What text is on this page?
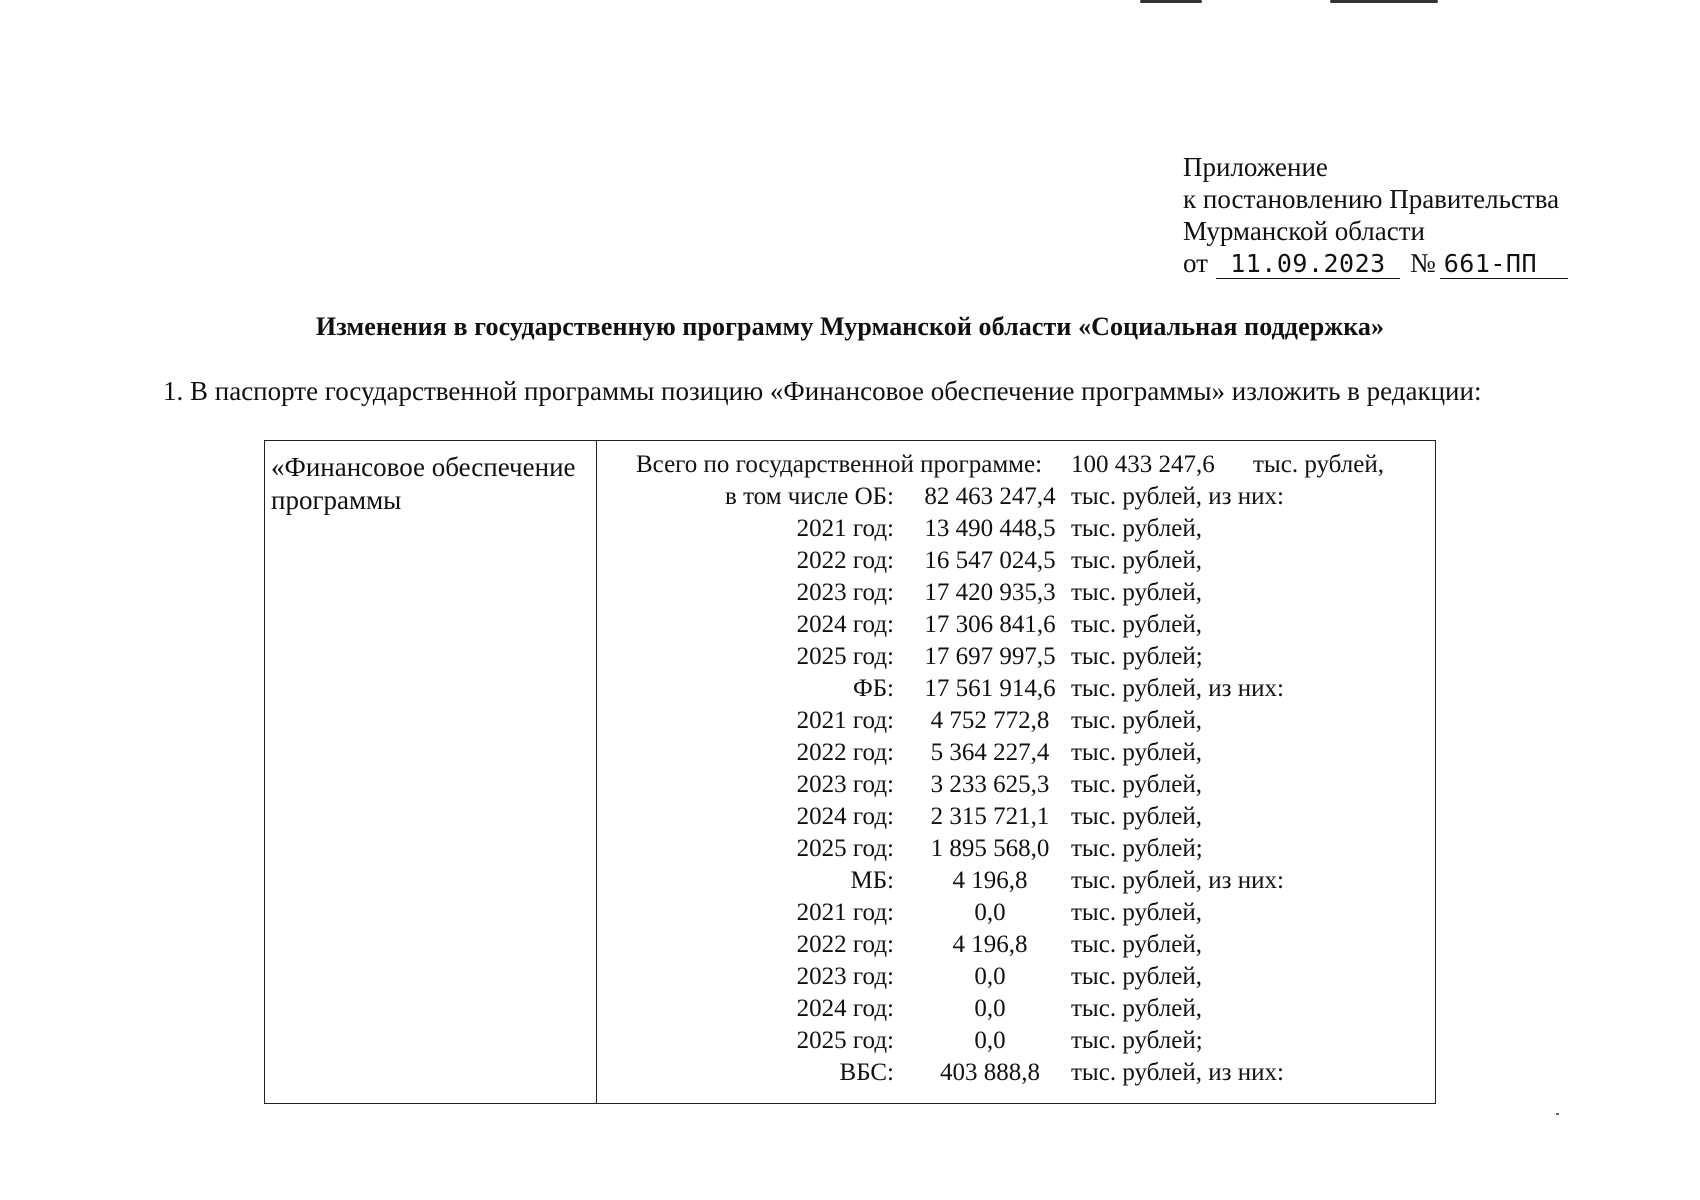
Приложение
к постановлению Правительства
Мурманской области
от 11.09.2023 № 661-ПП
Изменения в государственную программу Мурманской области «Социальная поддержка»
1. В паспорте государственной программы позицию «Финансовое обеспечение программы» изложить в редакции:
«Финансовое обеспечение программы
Всего по государственной программе: 100 433 247,6 тыс. рублей,
в том числе ОБ:	82 463 247,4 тыс. рублей, из них:
2021 год:	13 490 448,5 тыс. рублей,
2022 год:	16 547 024,5 тыс. рублей,
2023 год:	17 420 935,3 тыс. рублей,
2024 год:	17 306 841,6 тыс. рублей,
2025 год:	17 697 997,5 тыс. рублей;
ФБ:	17 561 914,6 тыс. рублей, из них:
2021 год:	4 752 772,8 тыс. рублей,
2022 год:	5 364 227,4 тыс. рублей,
2023 год:	3 233 625,3 тыс. рублей,
2024 год:	2 315 721,1 тыс. рублей,
2025 год:	1 895 568,0 тыс. рублей;
МБ:	4 196,8	тыс. рублей, из них:
2021 год:	0,0	тыс. рублей,
2022 год:	4 196,8	тыс. рублей,
2023 год:	0,0	тыс. рублей,
2024 год:	0,0	тыс. рублей,
2025 год:	0,0	тыс. рублей;
ВБС:	403 888,8	тыс. рублей, из них:
